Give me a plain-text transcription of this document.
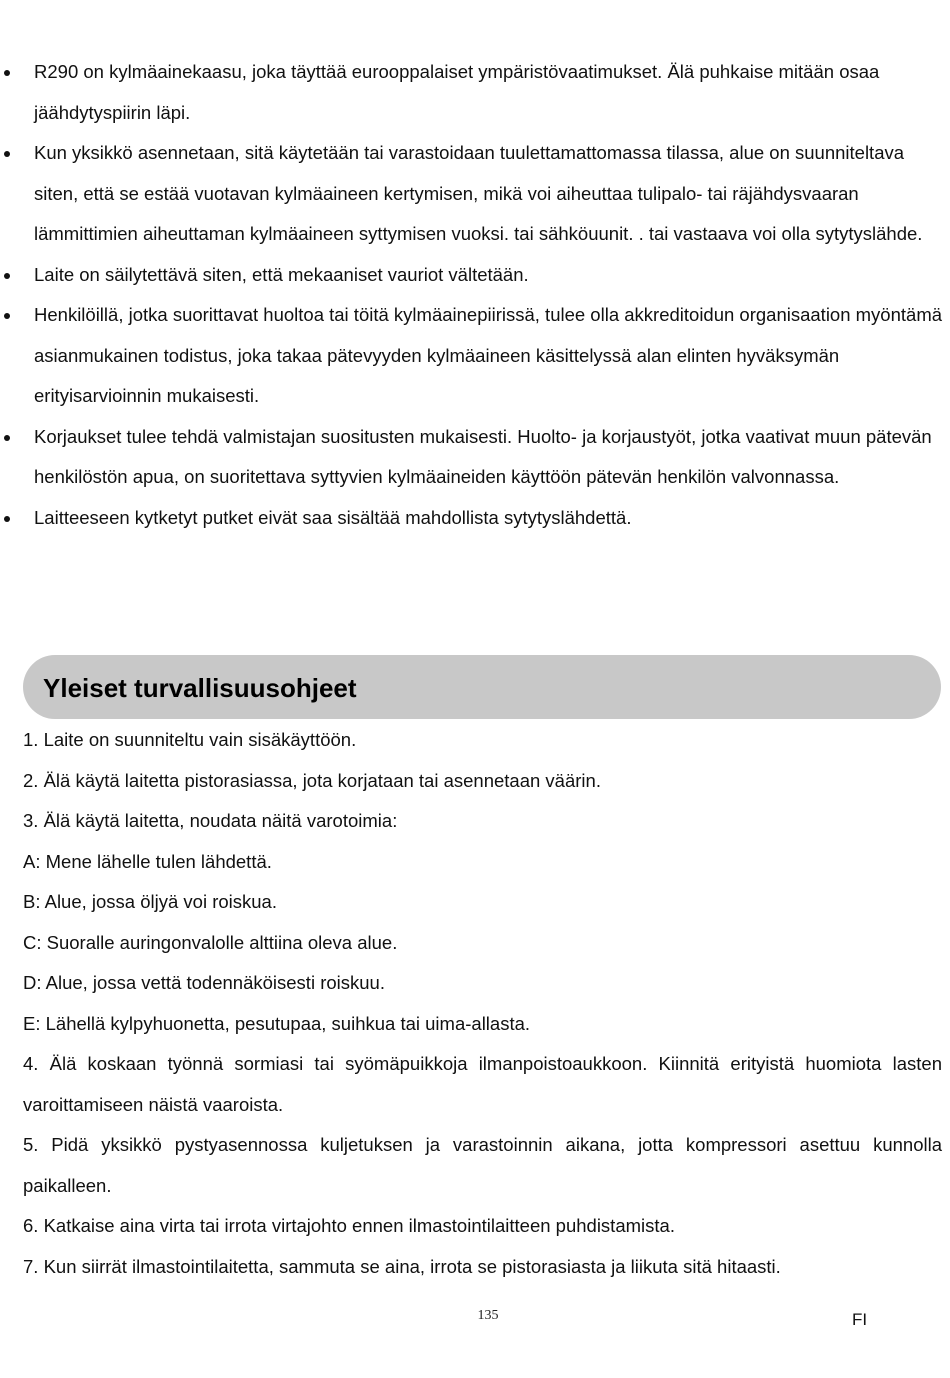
R290 on kylmäainekaasu, joka täyttää eurooppalaiset ympäristövaatimukset. Älä puhkaise mitään osaa jäähdytyspiirin läpi.
Kun yksikkö asennetaan, sitä käytetään tai varastoidaan tuulettamattomassa tilassa, alue on suunniteltava siten, että se estää vuotavan kylmäaineen kertymisen, mikä voi aiheuttaa tulipalo- tai räjähdysvaaran lämmittimien aiheuttaman kylmäaineen syttymisen vuoksi. tai sähköuunit. . tai vastaava voi olla sytytyslähde.
Laite on säilytettävä siten, että mekaaniset vauriot vältetään.
Henkilöillä, jotka suorittavat huoltoa tai töitä kylmäainepiirissä, tulee olla akkreditoidun organisaation myöntämä asianmukainen todistus, joka takaa pätevyyden kylmäaineen käsittelyssä alan elinten hyväksymän erityisarvioinnin mukaisesti.
Korjaukset tulee tehdä valmistajan suositusten mukaisesti. Huolto- ja korjaustyöt, jotka vaativat muun pätevän henkilöstön apua, on suoritettava syttyvien kylmäaineiden käyttöön pätevän henkilön valvonnassa.
Laitteeseen kytketyt putket eivät saa sisältää mahdollista sytytyslähdettä.
Yleiset turvallisuusohjeet

1. Laite on suunniteltu vain sisäkäyttöön.

2. Älä käytä laitetta pistorasiassa, jota korjataan tai asennetaan väärin.

3. Älä käytä laitetta, noudata näitä varotoimia:

A: Mene lähelle tulen lähdettä.

B: Alue, jossa öljyä voi roiskua.

C: Suoralle auringonvalolle alttiina oleva alue.

D: Alue, jossa vettä todennäköisesti roiskuu.

E: Lähellä kylpyhuonetta, pesutupaa, suihkua tai uima-allasta.

4. Älä koskaan työnnä sormiasi tai syömäpuikkoja ilmanpoistoaukkoon. Kiinnitä erityistä huomiota lasten varoittamiseen näistä vaaroista.

5. Pidä yksikkö pystyasennossa kuljetuksen ja varastoinnin aikana, jotta kompressori asettuu kunnolla paikalleen.

6. Katkaise aina virta tai irrota virtajohto ennen ilmastointilaitteen puhdistamista.

7. Kun siirrät ilmastointilaitetta, sammuta se aina, irrota se pistorasiasta ja liikuta sitä hitaasti.

135	FI
